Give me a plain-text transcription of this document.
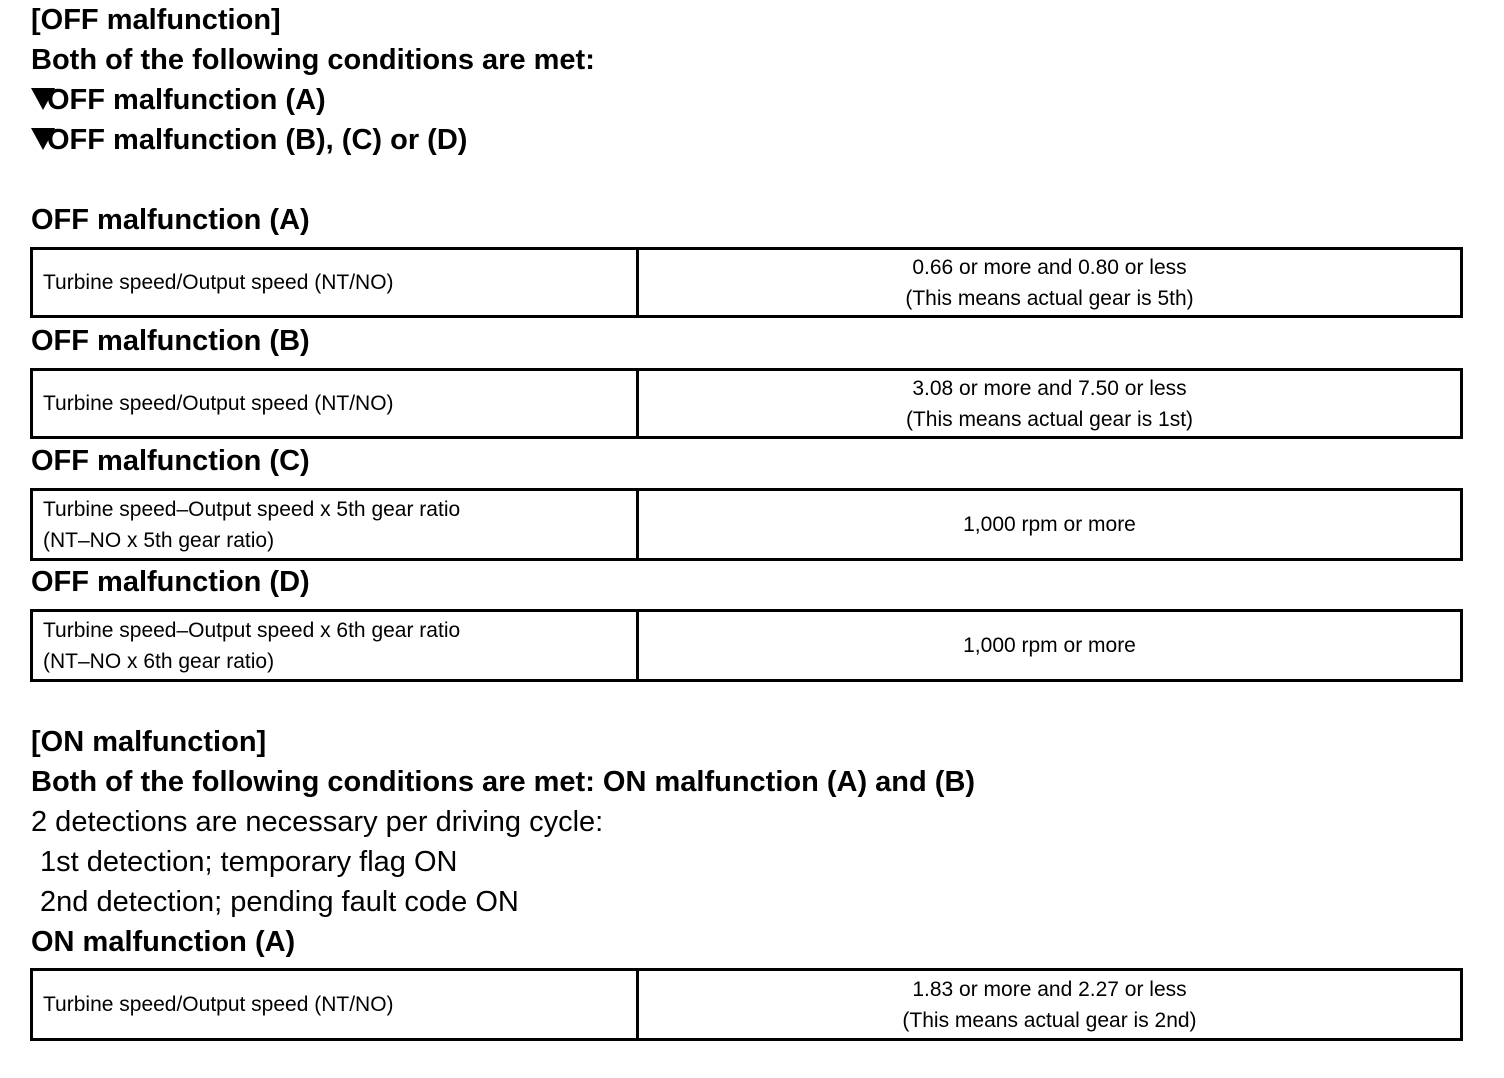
[OFF malfunction]
Both of the following conditions are met:
OFF malfunction (A)
OFF malfunction (B), (C) or (D)
OFF malfunction (A)
Turbine speed/Output speed (NT/NO)

0.66 or more and 0.80 or less
(This means actual gear is 5th)
OFF malfunction (B)
Turbine speed/Output speed (NT/NO)

3.08 or more and 7.50 or less
(This means actual gear is 1st)
OFF malfunction (C)
Turbine speed–Output speed x 5th gear ratio
(NT–NO x 5th gear ratio)

1,000 rpm or more
OFF malfunction (D)
Turbine speed–Output speed x 6th gear ratio
(NT–NO x 6th gear ratio)

1,000 rpm or more
[ON malfunction]
Both of the following conditions are met: ON malfunction (A) and (B)
2 detections are necessary per driving cycle:
1st detection; temporary flag ON
2nd detection; pending fault code ON
ON malfunction (A)
Turbine speed/Output speed (NT/NO)

1.83 or more and 2.27 or less
(This means actual gear is 2nd)
